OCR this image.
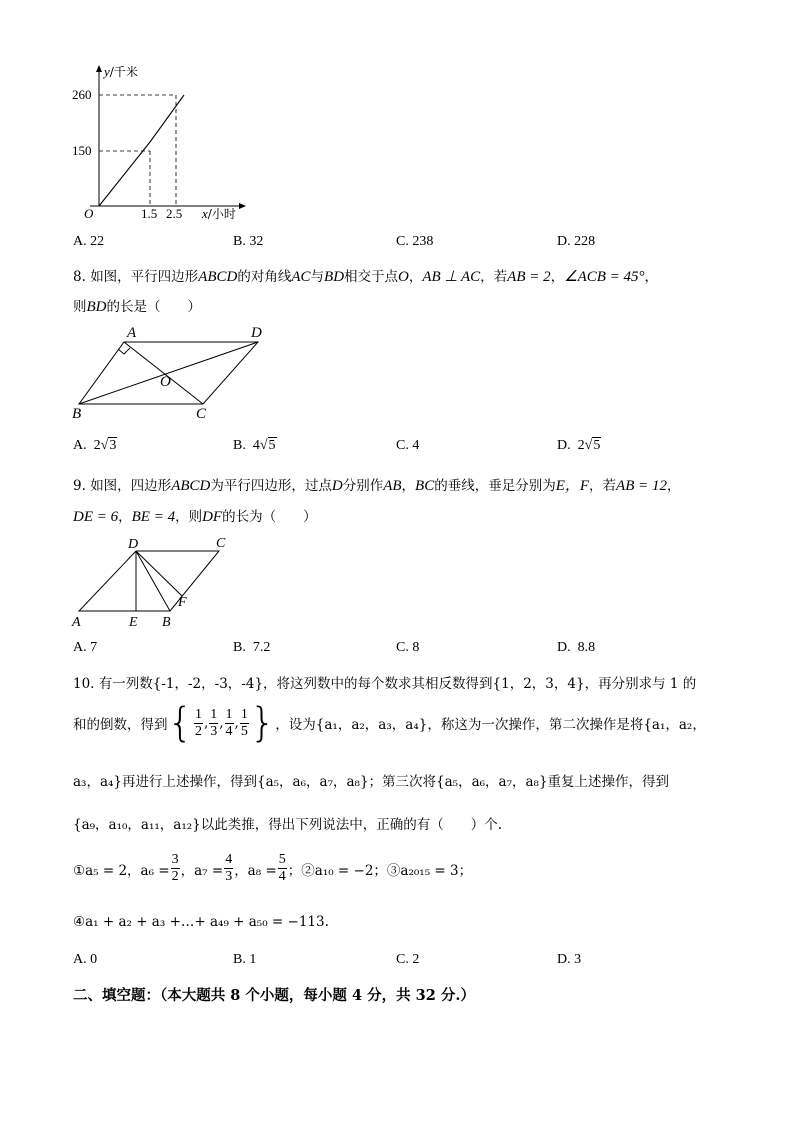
y/千米
260
150
O	1.5 2.5 x/小时
A. 22	B. 32	C. 238	D. 228
8. 如图，平行四边形ABCD的对角线AC与BD相交于点O，AB ⊥ AC，若AB = 2，∠ACB = 45°，
则BD的长是（　　）
A	D
O
B	C
A. 2√3	B. 4√5	C. 4	D. 2√5
9. 如图，四边形ABCD为平行四边形，过点D分别作AB，BC的垂线，垂足分别为E，F，若AB = 12，
DE = 6，BE = 4，则DF的长为（　　）
D	C
F
A	E B
A. 7	B. 7.2	C. 8	D. 8.8
10. 有一列数{-1，-2，-3，-4}，将这列数中的每个数求其相反数得到{1，2，3，4}，再分别求与 1 的
和的倒数，得到 { $\frac{1}{2}$ , $\frac{1}{3}$ , $\frac{1}{4}$ , $\frac{1}{5}$ } ，设为{a₁，a₂，a₃，a₄}，称这为一次操作，第二次操作是将{a₁，a₂，
a₃，a₄}再进行上述操作，得到{a₅，a₆，a₇，a₈}；第三次将{a₅，a₆，a₇，a₈}重复上述操作，得到
{a₉，a₁₀，a₁₁，a₁₂}以此类推，得出下列说法中，正确的有（　　）个.
①a₅ = 2，$a_6 = \frac{3}{2}$ ，$a_7 = \frac{4}{3}$ ，$a_8 = \frac{5}{4}$ ；②a₁₀ = −2；③a₂₀₁₅ = 3；
④a₁ + a₂ + a₃ +…+ a₄₉ + a₅₀ = −113.
A. 0	B. 1	C. 2	D. 3
二、填空题：（本大题共 8 个小题，每小题 4 分，共 32 分.）
